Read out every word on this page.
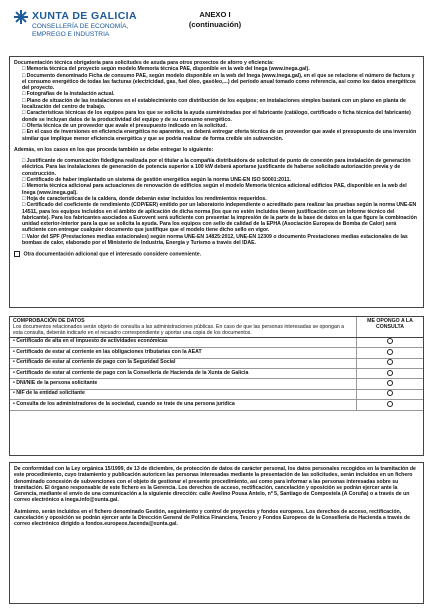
XUNTA DE GALICIA
CONSELLERÍA DE ECONOMÍA,
EMPREGO E INDUSTRIA
ANEXO I
(continuación)

Documentación técnica obrigatoria para solicitudes de axuda para otros proxectos de aforro y eficiencia:

□ Memoria técnica del proyecto según modelo Memoria técnica PAE, disponible en la web del Inega (www.inega.gal).

□ Documento denominado Ficha de consumo PAE, según modelo disponible en la web del Inega (www.inega.gal), en el que se relacione el número de factura y el consumo energético de todas las facturas (electricidad, gas, fuel óleo, gasóleo,...) del período anual tomado como referencia, así como los datos energéticos del proyecto.

□ Fotografías de la instalación actual.

□ Plano de situación de las instalaciones en el establecimiento con distribución de los equipos; en instalaciones simples bastará con un plano en planta de localización del centro de trabajo.

□ Características técnicas de los equipos para los que se solicita la ayuda suministradas por el fabricante (catálogo, certificado o ficha técnica del fabricante) donde se incluyan datos de la productividad del equipo y de su consumo energético.

□ Oferta técnica de un proveedor que avale el presupuesto indicado en la solicitud.

□ En el caso de inversiones en eficiencia energética no aparentes, se deberá entregar oferta técnica de un proveedor que avale el presupuesto de una inversión similar que implique menor eficiencia energética y que se podría realizar de forma creíble sin subvención.

Además, en los casos en los que proceda también se debe entregar lo siguiente:

□ Justificante de comunicación fidedigna realizada por el titular a la compañía distribuidora de solicitud de punto de conexión para instalación de generación eléctrica. Para las instalaciones de generación de potencia superior a 100 kW deberá aportarse justificante de haberse solicitado autorización previa y de construcción.

□ Certificado de haber implantado un sistema de gestión energética según la norma UNE-EN ISO 50001:2011.

□ Memoria técnica adicional para actuaciones de renovación de edificios según el modelo Memoria técnica adicional edificios PAE, disponible en la web del Inega (www.inega.gal).

□ Hoja de características de la caldera, donde deberán estar incluidos los rendimientos requeridos.

□ Certificado del coeficiente de rendimiento (COP/EER) emitido por un laboratorio independiente o acreditado para realizar las pruebas según la norma UNE-EN 14511, para los equipos incluidos en el ámbito de aplicación de dicha norma (los que no estén incluidos tienen justificación con un informe técnico del fabricante). Para los fabricantes asociados a Eurovent será suficiente con presentar la impresión de la parte de la base de datos en la que figure la combinación unidad exterior-interior para la que se solicita la ayuda. Para los equipos con sello de calidad de la EPHA (Asociación Europea de Bomba de Calor) será suficiente con entregar cualquier documento que justifique que el modelo tiene dicho sello en vigor.

□ Valor del SPF (Prestaciones medias estacionales) según norma UNE-EN 14825:2012, UNE-EN 12309 o documento Prestaciones medias estacionales de las bombas de calor, elaborado por el Ministerio de Industria, Energía y Turismo a través del IDAE.

Otra documentación adicional que el interesado considere conveniente.

COMPROBACIÓN DE DATOS
Los documentos relacionados serán objeto de consulta a las administraciones públicas. En caso de que las personas interesadas se opongan a esta consulta, deberán indicarlo en el recuadro correspondiente y aportar una copia de los documentos.	ME OPONGO A LA CONSULTA
• Certificado de alta en el impuesto de actividades económicas	
• Certificado de estar al corriente en las obligaciones tributarias con la AEAT	
• Certificado de estar al corriente de pago con la Seguridad Social	
• Certificado de estar al corriente de pago con la Consellería de Hacienda de la Xunta de Galicia	
• DNI/NIE de la persona solicitante	
• NIF de la entidad solicitante	
• Consulta de los administradores de la sociedad, cuando se trate de una persona jurídica	

De conformidad con la Ley orgánica 15/1999, de 13 de diciembre, de protección de datos de carácter personal, los datos personales recogidos en la tramitación de este procedimiento, cuyo tratamiento y publicación autoricen las personas interesadas mediante la presentación de las solicitudes, serán incluidos en un fichero denominado concesión de subvenciones con el objeto de gestionar el presente procedimiento, así como para informar a las personas interesadas sobre su tramitación. El órgano responsable de este fichero es la Gerencia. Los derechos de acceso, rectificación, cancelación y oposición se podrán ejercer ante la Gerencia, mediante el envío de una comunicación a la siguiente dirección: calle Avelino Pousa Antelo, nº 5, Santiago de Compostela (A Coruña) o a través de un correo electrónico a inega.info@xunta.gal.

Asimismo, serán incluidos en el fichero denominado Gestión, seguimiento y control de proyectos y fondos europeos. Los derechos de acceso, rectificación, cancelación y oposición se podrán ejercer ante la Dirección General de Política Financiera, Tesoro y Fondos Europeos de la Consellería de Hacienda a través de correo electrónico dirigido a fondos.europeos.facenda@xunta.gal.
